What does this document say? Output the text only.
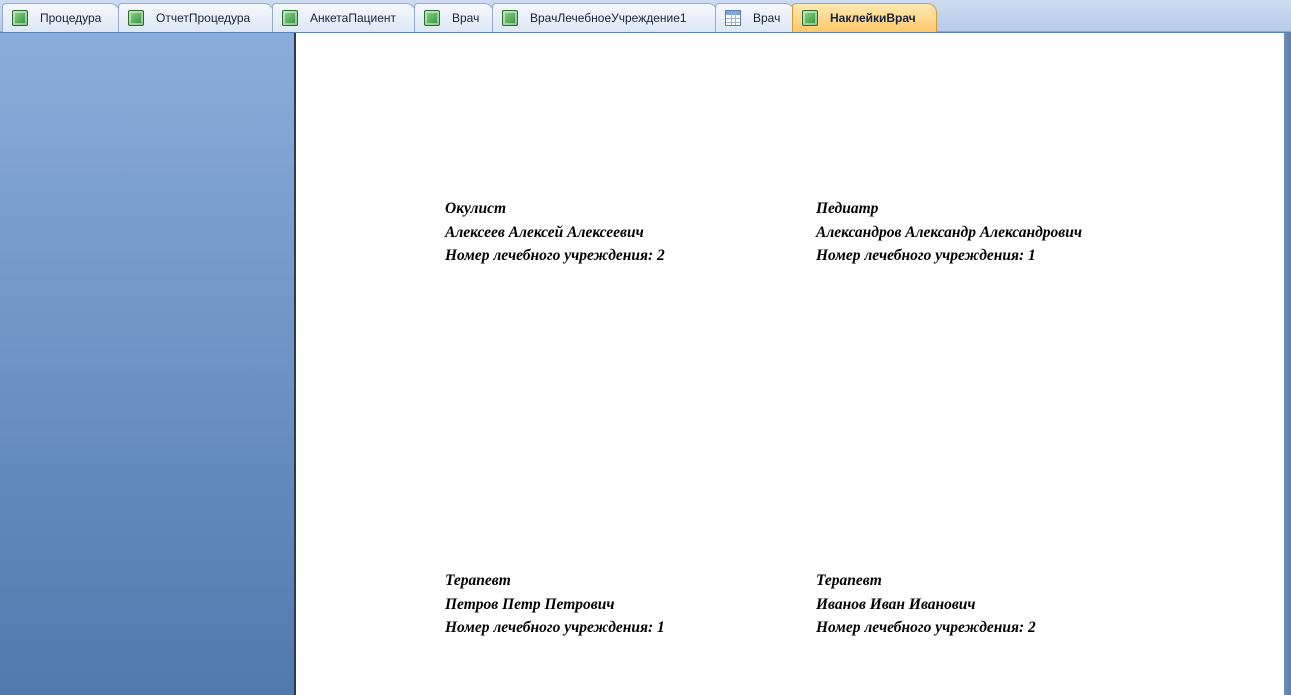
Процедура	ОтчетПроцедура	АнкетаПациент	Врач	ВрачЛечебноеУчреждение1	Врач	НаклейкиВрач
Окулист
Алексеев Алексей Алексеевич
Номер лечебного учреждения: 2
Педиатр
Александров Александр Александрович
Номер лечебного учреждения: 1
Терапевт
Петров Петр Петрович
Номер лечебного учреждения: 1
Терапевт
Иванов Иван Иванович
Номер лечебного учреждения: 2
